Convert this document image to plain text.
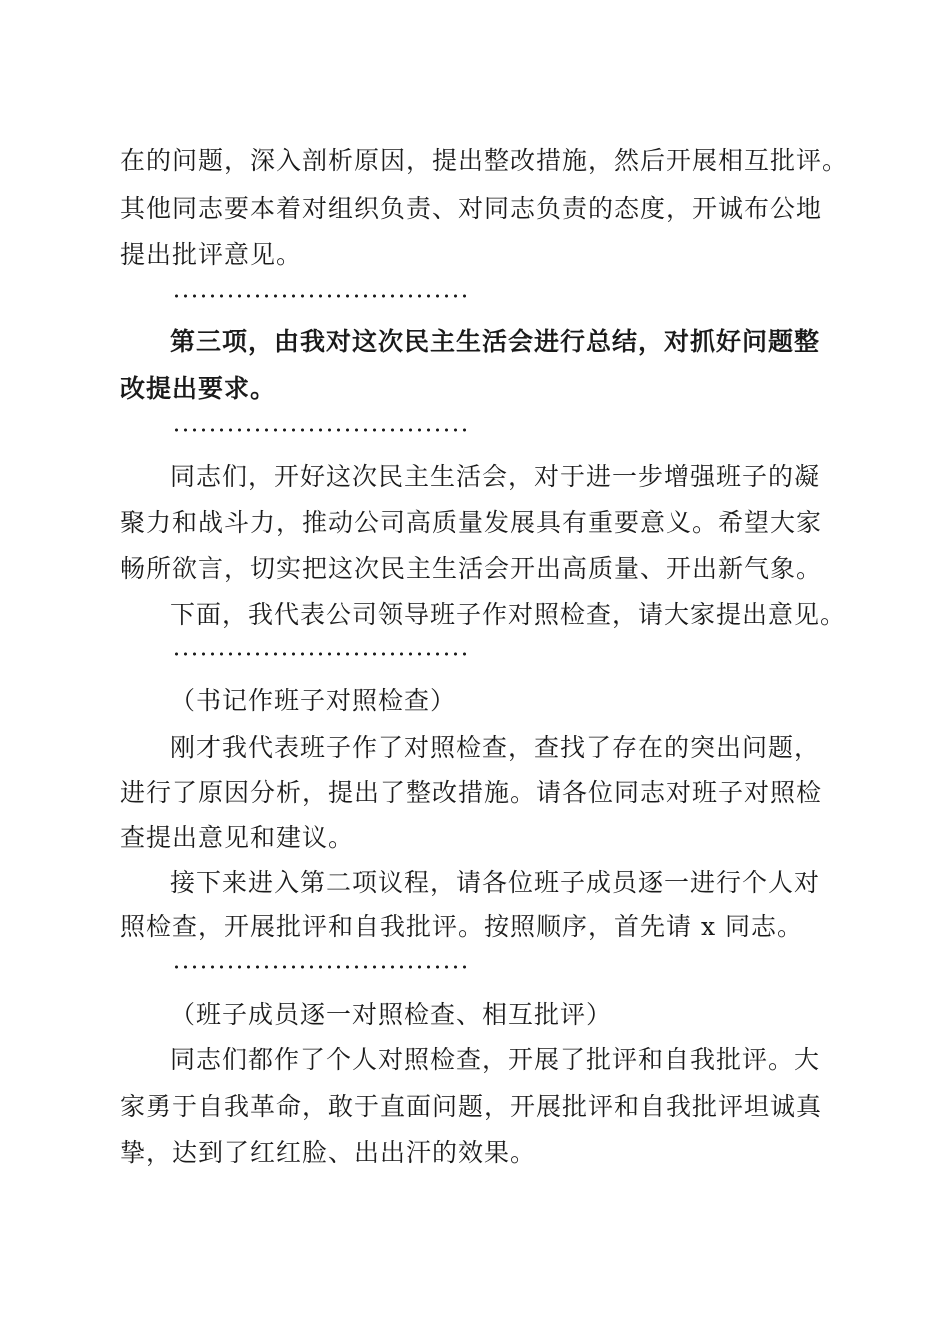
在的问题，深入剖析原因，提出整改措施，然后开展相互批评。
其他同志要本着对组织负责、对同志负责的态度，开诚布公地
提出批评意见。
第三项，由我对这次民主生活会进行总结，对抓好问题整
改提出要求。
同志们，开好这次民主生活会，对于进一步增强班子的凝
聚力和战斗力，推动公司高质量发展具有重要意义。希望大家
畅所欲言，切实把这次民主生活会开出高质量、开出新气象。
下面，我代表公司领导班子作对照检查，请大家提出意见。
（书记作班子对照检查）
刚才我代表班子作了对照检查，查找了存在的突出问题，
进行了原因分析，提出了整改措施。请各位同志对班子对照检
查提出意见和建议。
接下来进入第二项议程，请各位班子成员逐一进行个人对
照检查，开展批评和自我批评。按照顺序，首先请 x 同志。
（班子成员逐一对照检查、相互批评）
同志们都作了个人对照检查，开展了批评和自我批评。大
家勇于自我革命，敢于直面问题，开展批评和自我批评坦诚真
挚，达到了红红脸、出出汗的效果。
